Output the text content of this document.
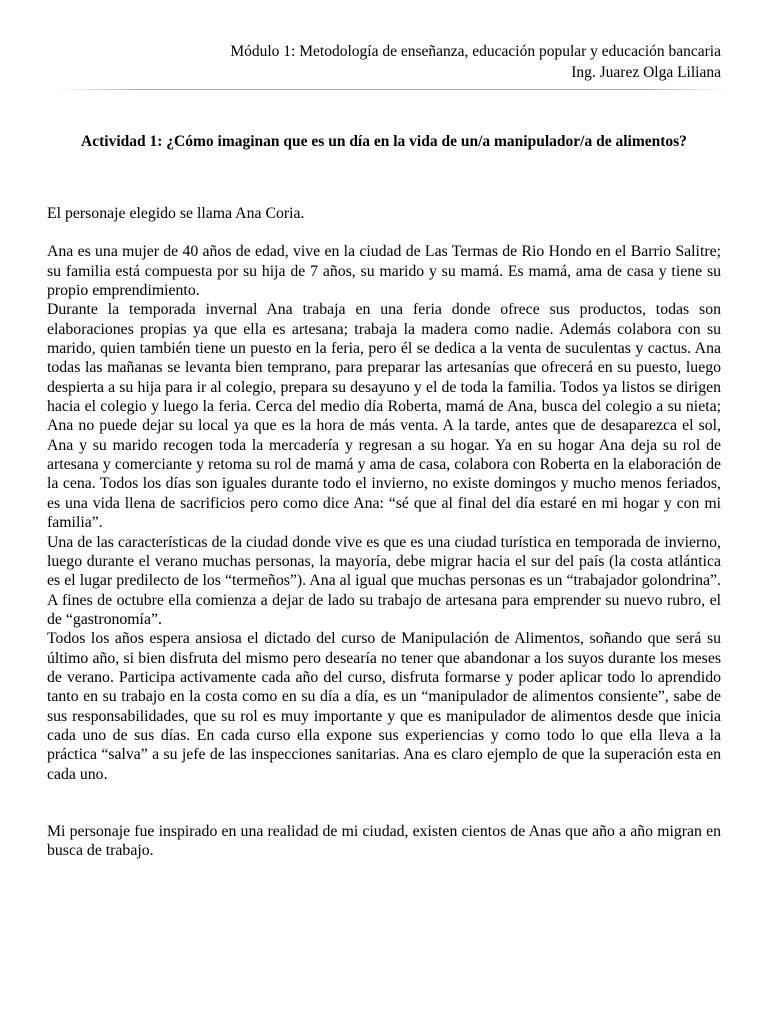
Módulo 1: Metodología de enseñanza, educación popular y educación bancaria
Ing. Juarez Olga Liliana
Actividad 1: ¿Cómo imaginan que es un día en la vida de un/a manipulador/a de alimentos?

El personaje elegido se llama Ana Coria.

Ana es una mujer de 40 años de edad, vive en la ciudad de Las Termas de Rio Hondo en el Barrio Salitre; su familia está compuesta por su hija de 7 años, su marido y su mamá. Es mamá, ama de casa y tiene su propio emprendimiento.

Durante la temporada invernal Ana trabaja en una feria donde ofrece sus productos, todas son elaboraciones propias ya que ella es artesana; trabaja la madera como nadie. Además colabora con su marido, quien también tiene un puesto en la feria, pero él se dedica a la venta de suculentas y cactus. Ana todas las mañanas se levanta bien temprano, para preparar las artesanías que ofrecerá en su puesto, luego despierta a su hija para ir al colegio, prepara su desayuno y el de toda la familia. Todos ya listos se dirigen hacia el colegio y luego la feria. Cerca del medio día Roberta, mamá de Ana, busca del colegio a su nieta; Ana no puede dejar su local ya que es la hora de más venta. A la tarde, antes que de desaparezca el sol, Ana y su marido recogen toda la mercadería y regresan a su hogar. Ya en su hogar Ana deja su rol de artesana y comerciante y retoma su rol de mamá y ama de casa, colabora con Roberta en la elaboración de la cena. Todos los días son iguales durante todo el invierno, no existe domingos y mucho menos feriados, es una vida llena de sacrificios pero como dice Ana: “sé que al final del día estaré en mi hogar y con mi familia”.

Una de las características de la ciudad donde vive es que es una ciudad turística en temporada de invierno, luego durante el verano muchas personas, la mayoría, debe migrar hacia el sur del país (la costa atlántica es el lugar predilecto de los “termeños”). Ana al igual que muchas personas es un “trabajador golondrina”. A fines de octubre ella comienza a dejar de lado su trabajo de artesana para emprender su nuevo rubro, el de “gastronomía”.

Todos los años espera ansiosa el dictado del curso de Manipulación de Alimentos, soñando que será su último año, si bien disfruta del mismo pero desearía no tener que abandonar a los suyos durante los meses de verano. Participa activamente cada año del curso, disfruta formarse y poder aplicar todo lo aprendido tanto en su trabajo en la costa como en su día a día, es un “manipulador de alimentos consiente”, sabe de sus responsabilidades, que su rol es muy importante y que es manipulador de alimentos desde que inicia cada uno de sus días. En cada curso ella expone sus experiencias y como todo lo que ella lleva a la práctica “salva” a su jefe de las inspecciones sanitarias. Ana es claro ejemplo de que la superación esta en cada uno.

Mi personaje fue inspirado en una realidad de mi ciudad, existen cientos de Anas que año a año migran en busca de trabajo.
